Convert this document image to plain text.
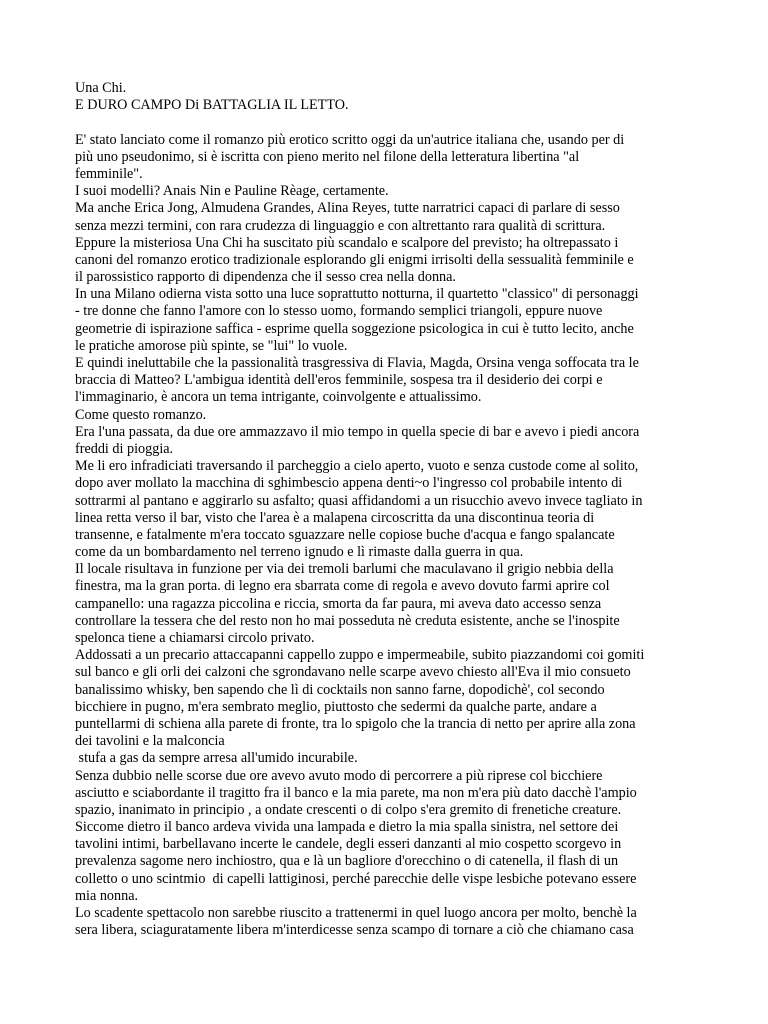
Una Chi.
E DURO CAMPO Di BATTAGLIA IL LETTO.
E' stato lanciato come il romanzo più erotico scritto oggi da un'autrice italiana che, usando per di
più uno pseudonimo, si è iscritta con pieno merito nel filone della letteratura libertina "al
femminile".
I suoi modelli? Anais Nin e Pauline Rèage, certamente.
Ma anche Erica Jong, Almudena Grandes, Alina Reyes, tutte narratrici capaci di parlare di sesso
senza mezzi termini, con rara crudezza di linguaggio e con altrettanto rara qualità di scrittura.
Eppure la misteriosa Una Chi ha suscitato più scandalo e scalpore del previsto; ha oltrepassato i
canoni del romanzo erotico tradizionale esplorando gli enigmi irrisolti della sessualità femminile e
il parossistico rapporto di dipendenza che il sesso crea nella donna.
In una Milano odierna vista sotto una luce soprattutto notturna, il quartetto "classico" di personaggi
- tre donne che fanno l'amore con lo stesso uomo, formando semplici triangoli, eppure nuove
geometrie di ispirazione saffica - esprime quella soggezione psicologica in cui è tutto lecito, anche
le pratiche amorose più spinte, se "lui" lo vuole.
E quindi ineluttabile che la passionalità trasgressiva di Flavia, Magda, Orsina venga soffocata tra le
braccia di Matteo? L'ambigua identità dell'eros femminile, sospesa tra il desiderio dei corpi e
l'immaginario, è ancora un tema intrigante, coinvolgente e attualissimo.
Come questo romanzo.
Era l'una passata, da due ore ammazzavo il mio tempo in quella specie di bar e avevo i piedi ancora
freddi di pioggia.
Me li ero infradiciati traversando il parcheggio a cielo aperto, vuoto e senza custode come al solito,
dopo aver mollato la macchina di sghimbescio appena denti~o l'ingresso col probabile intento di
sottrarmi al pantano e aggirarlo su asfalto; quasi affidandomi a un risucchio avevo invece tagliato in
linea retta verso il bar, visto che l'area è a malapena circoscritta da una discontinua teoria di
transenne, e fatalmente m'era toccato sguazzare nelle copiose buche d'acqua e fango spalancate
come da un bombardamento nel terreno ignudo e lì rimaste dalla guerra in qua.
Il locale risultava in funzione per via dei tremoli barlumi che maculavano il grigio nebbia della
finestra, ma la gran porta. di legno era sbarrata come di regola e avevo dovuto farmi aprire col
campanello: una ragazza piccolina e riccia, smorta da far paura, mi aveva dato accesso senza
controllare la tessera che del resto non ho mai posseduta nè creduta esistente, anche se l'inospite
spelonca tiene a chiamarsi circolo privato.
Addossati a un precario attaccapanni cappello zuppo e impermeabile, subito piazzandomi coi gomiti
sul banco e gli orli dei calzoni che sgrondavano nelle scarpe avevo chiesto all'Eva il mio consueto
banalissimo whisky, ben sapendo che lì di cocktails non sanno farne, dopodichè', col secondo
bicchiere in pugno, m'era sembrato meglio, piuttosto che sedermi da qualche parte, andare a
puntellarmi di schiena alla parete di fronte, tra lo spigolo che la trancia di netto per aprire alla zona
dei tavolini e la malconcia
stufa a gas da sempre arresa all'umido incurabile.
Senza dubbio nelle scorse due ore avevo avuto modo di percorrere a più riprese col bicchiere
asciutto e sciabordante il tragitto fra il banco e la mia parete, ma non m'era più dato dacchè l'ampio
spazio, inanimato in principio , a ondate crescenti o di colpo s'era gremito di frenetiche creature.
Siccome dietro il banco ardeva vivida una lampada e dietro la mia spalla sinistra, nel settore dei
tavolini intimi, barbellavano incerte le candele, degli esseri danzanti al mio cospetto scorgevo in
prevalenza sagome nero inchiostro, qua e là un bagliore d'orecchino o di catenella, il flash di un
colletto o uno scintmio  di capelli lattiginosi, perché parecchie delle vispe lesbiche potevano essere
mia nonna.
Lo scadente spettacolo non sarebbe riuscito a trattenermi in quel luogo ancora per molto, benchè la
sera libera, sciaguratamente libera m'interdicesse senza scampo di tornare a ciò che chiamano casa
